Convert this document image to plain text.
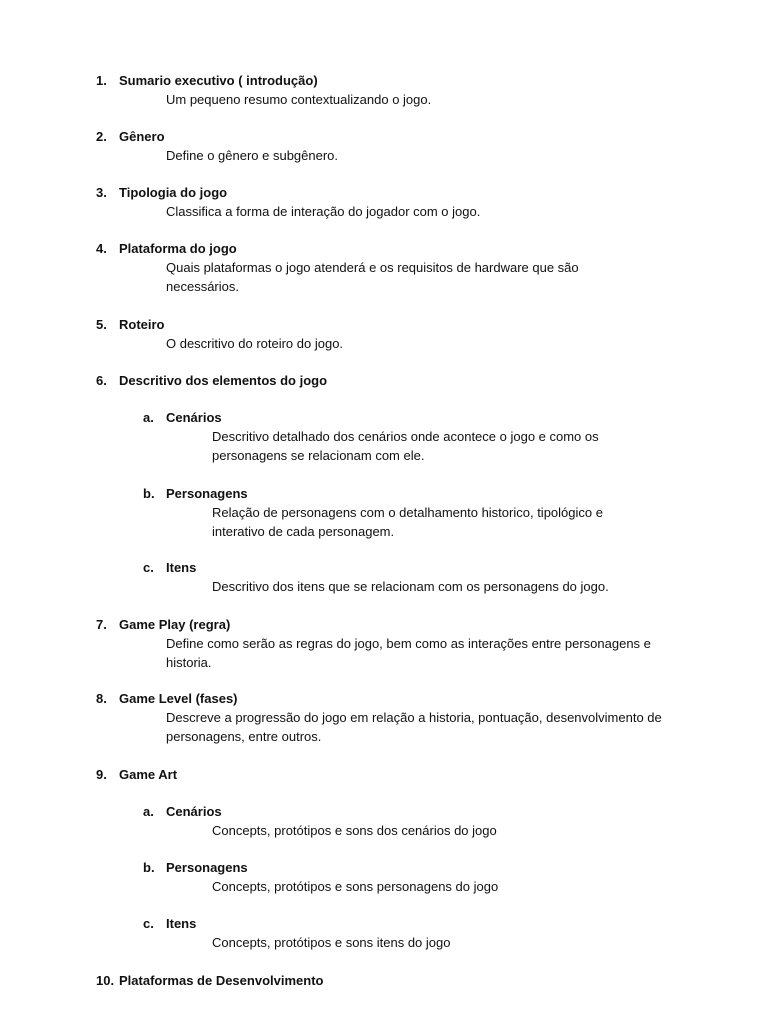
1. Sumario executivo ( introdução)
Um pequeno resumo contextualizando o jogo.
2. Gênero
Define o gênero e subgênero.
3. Tipologia do jogo
Classifica a forma de interação do jogador com o jogo.
4. Plataforma do jogo
Quais plataformas o jogo atenderá e os requisitos de hardware que são necessários.
5. Roteiro
O descritivo do roteiro do jogo.
6. Descritivo dos elementos do jogo
a. Cenários
Descritivo detalhado dos cenários onde acontece o jogo e como os personagens se relacionam com ele.
b. Personagens
Relação de personagens com o detalhamento historico, tipológico e interativo de cada personagem.
c. Itens
Descritivo dos itens que se relacionam com os personagens do jogo.
7. Game Play (regra)
Define como serão as regras do jogo, bem como as interações entre personagens e historia.
8. Game Level (fases)
Descreve a progressão do jogo em relação a historia, pontuação, desenvolvimento de personagens, entre outros.
9. Game Art
a. Cenários
Concepts, protótipos e sons dos cenários do jogo
b. Personagens
Concepts, protótipos e sons personagens do jogo
c. Itens
Concepts, protótipos e sons itens do jogo
10. Plataformas de Desenvolvimento
